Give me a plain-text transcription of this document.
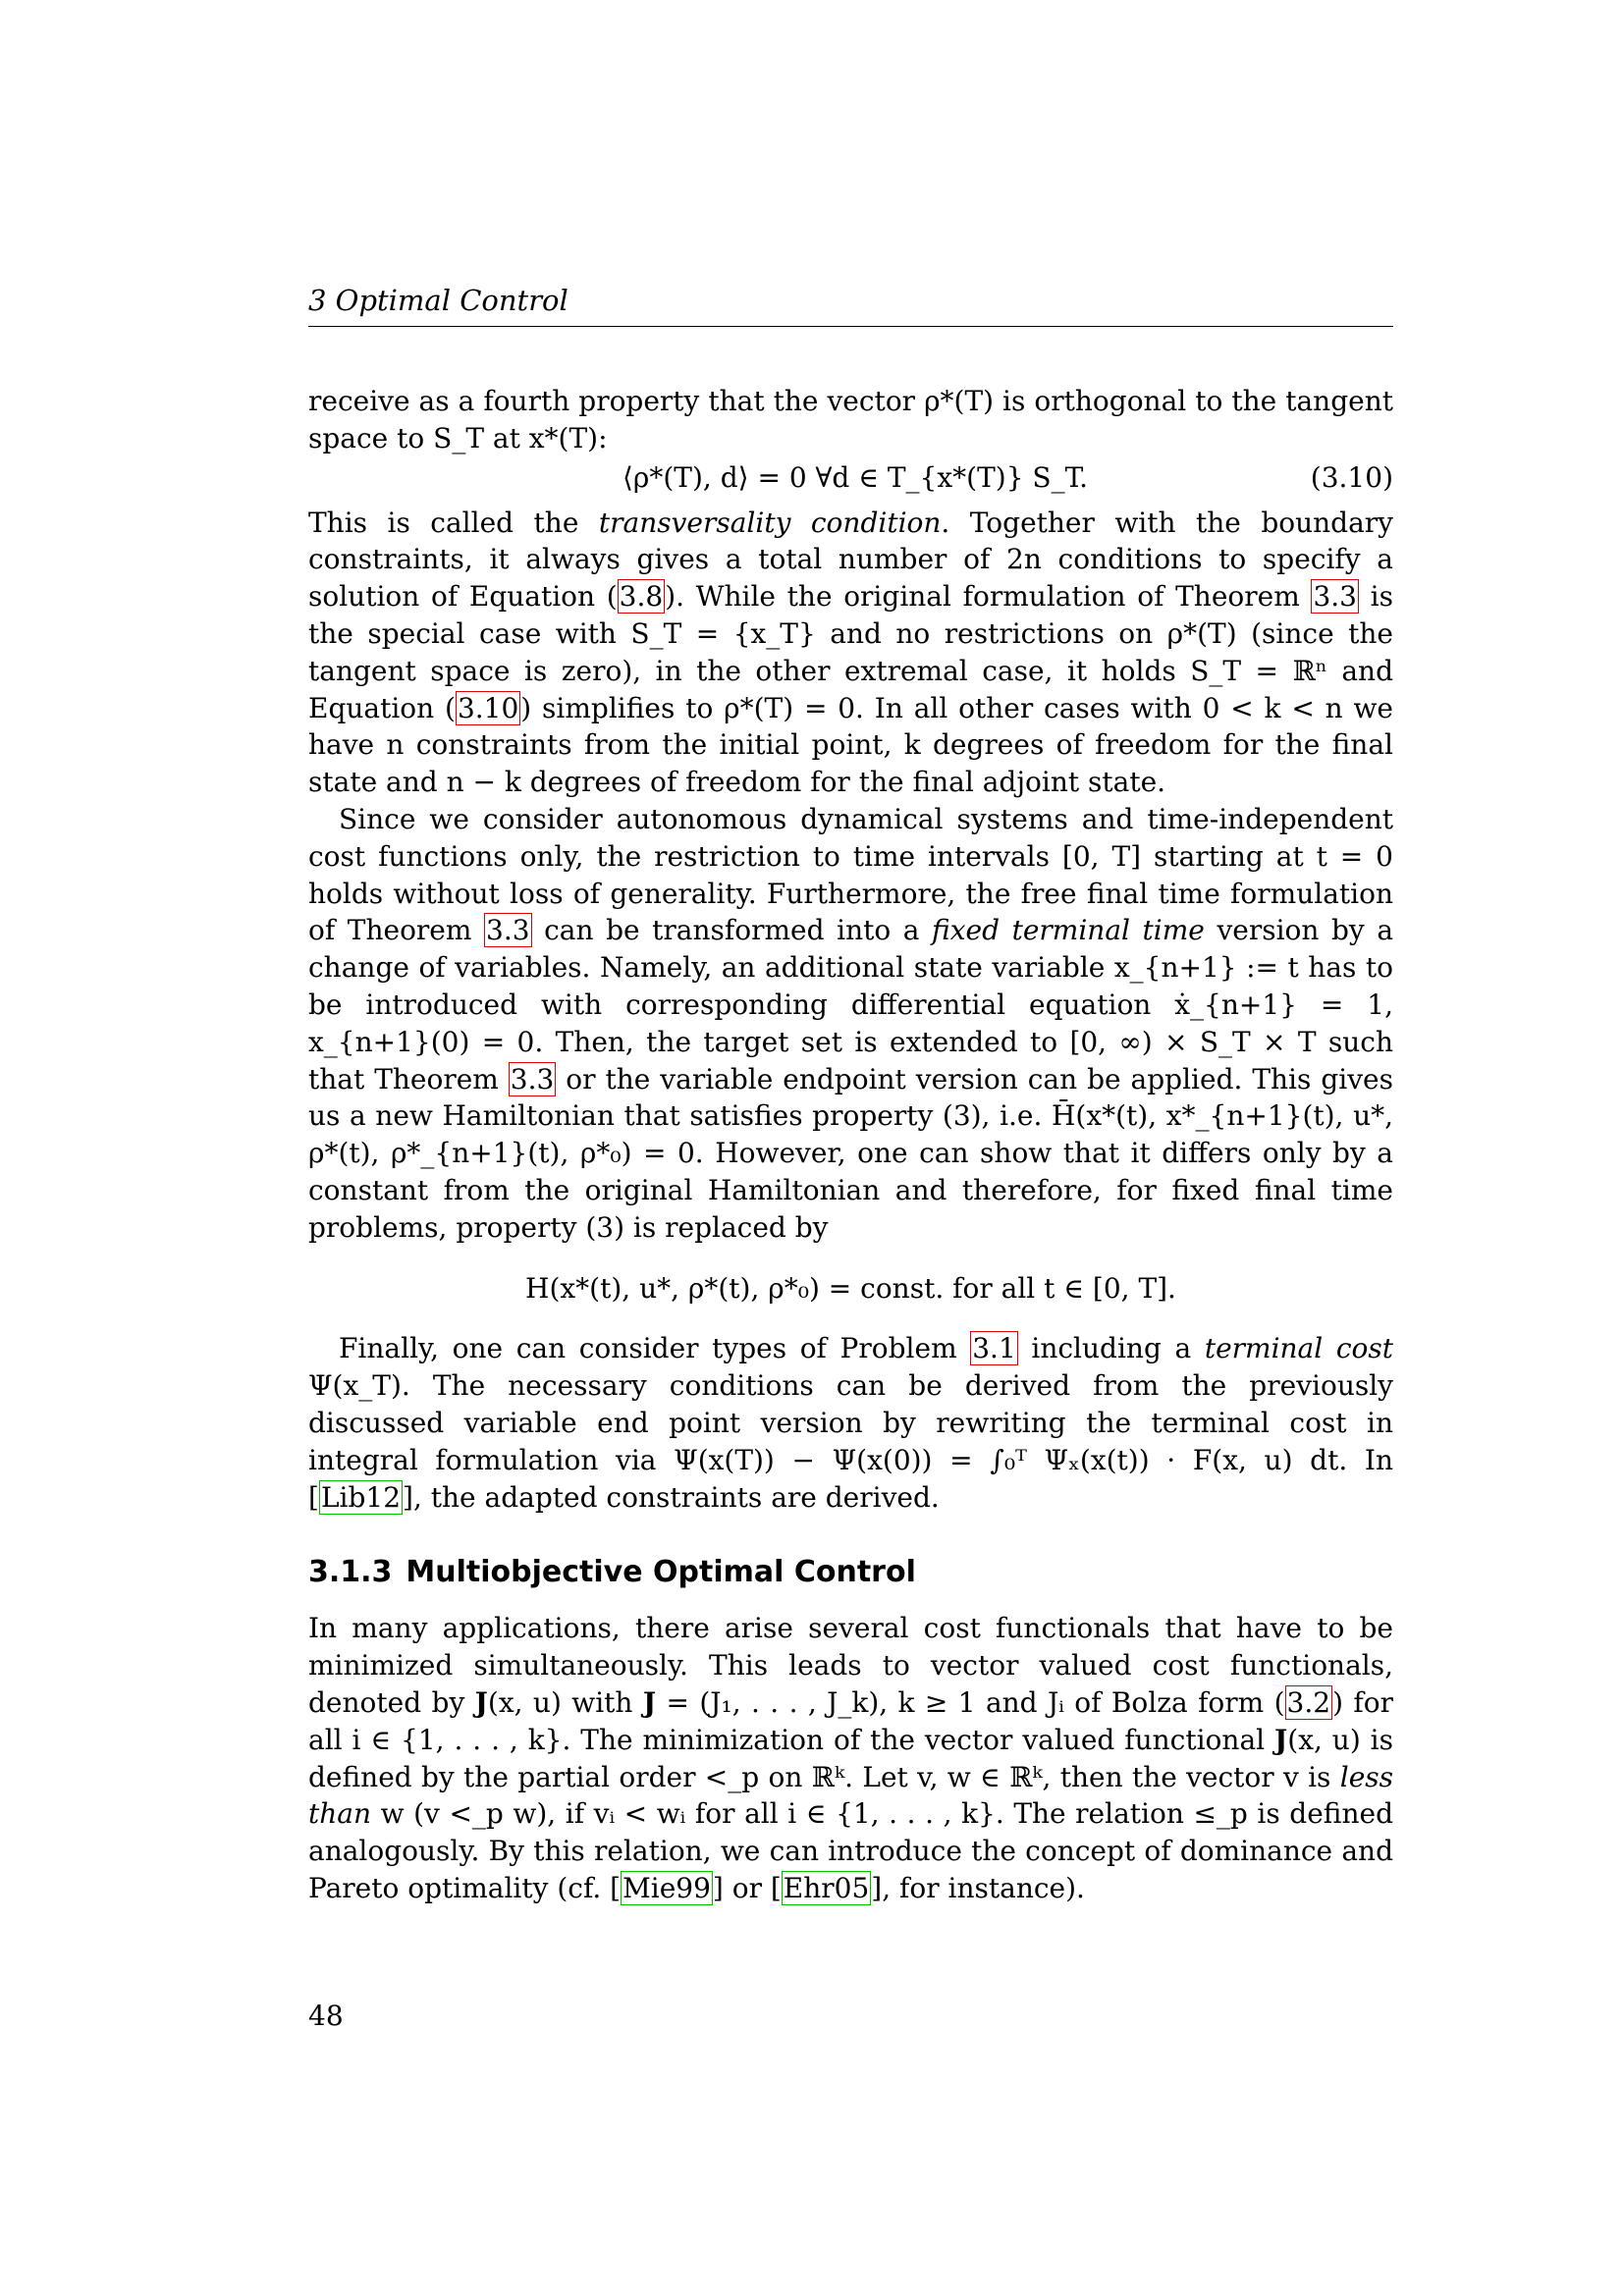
3 Optimal Control

receive as a fourth property that the vector ρ*(T) is orthogonal to the tangent space to S_T at x*(T):

⟨ρ*(T), d⟩ = 0 ∀d ∈ T_{x*(T)} S_T.	(3.10)

This is called the transversality condition. Together with the boundary constraints, it always gives a total number of 2n conditions to specify a solution of Equation (3.8). While the original formulation of Theorem 3.3 is the special case with S_T = {x_T} and no restrictions on ρ*(T) (since the tangent space is zero), in the other extremal case, it holds S_T = ℝⁿ and Equation (3.10) simplifies to ρ*(T) = 0. In all other cases with 0 < k < n we have n constraints from the initial point, k degrees of freedom for the final state and n − k degrees of freedom for the final adjoint state.

Since we consider autonomous dynamical systems and time-independent cost functions only, the restriction to time intervals [0, T] starting at t = 0 holds without loss of generality. Furthermore, the free final time formulation of Theorem 3.3 can be transformed into a fixed terminal time version by a change of variables. Namely, an additional state variable x_{n+1} := t has to be introduced with corresponding differential equation ẋ_{n+1} = 1, x_{n+1}(0) = 0. Then, the target set is extended to [0, ∞) × S_T × T such that Theorem 3.3 or the variable endpoint version can be applied. This gives us a new Hamiltonian that satisfies property (3), i.e. H̄(x*(t), x*_{n+1}(t), u*, ρ*(t), ρ*_{n+1}(t), ρ*₀) = 0. However, one can show that it differs only by a constant from the original Hamiltonian and therefore, for fixed final time problems, property (3) is replaced by

H(x*(t), u*, ρ*(t), ρ*₀) = const. for all t ∈ [0, T].

Finally, one can consider types of Problem 3.1 including a terminal cost Ψ(x_T). The necessary conditions can be derived from the previously discussed variable end point version by rewriting the terminal cost in integral formulation via Ψ(x(T)) − Ψ(x(0)) = ∫₀ᵀ Ψₓ(x(t)) · F(x, u) dt. In [Lib12], the adapted constraints are derived.

3.1.3 Multiobjective Optimal Control

In many applications, there arise several cost functionals that have to be minimized simultaneously. This leads to vector valued cost functionals, denoted by J(x, u) with J = (J₁, . . . , J_k), k ≥ 1 and Jᵢ of Bolza form (3.2) for all i ∈ {1, . . . , k}. The minimization of the vector valued functional J(x, u) is defined by the partial order <_p on ℝᵏ. Let v, w ∈ ℝᵏ, then the vector v is less than w (v <_p w), if vᵢ < wᵢ for all i ∈ {1, . . . , k}. The relation ≤_p is defined analogously. By this relation, we can introduce the concept of dominance and Pareto optimality (cf. [Mie99] or [Ehr05], for instance).

48
